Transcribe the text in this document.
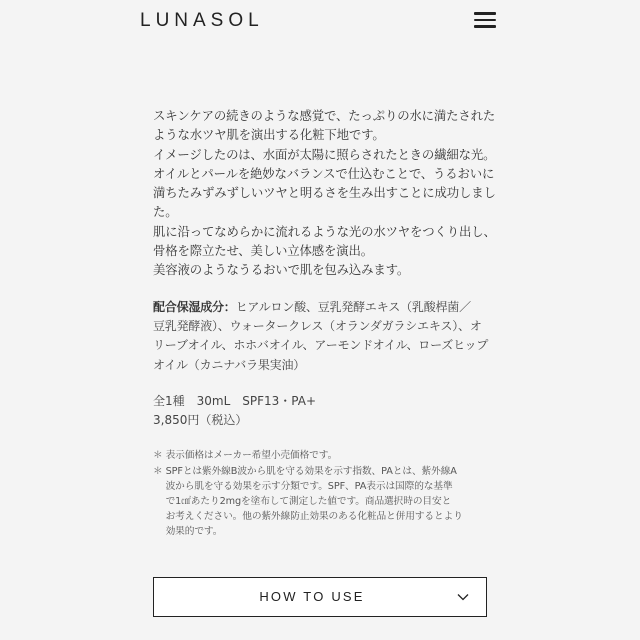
LUNASOL

スキンケアの続きのような感覚で、たっぷりの水に満たされた

ような水ツヤ肌を演出する化粧下地です。

イメージしたのは、水面が太陽に照らされたときの繊細な光。

オイルとパールを絶妙なバランスで仕込むことで、うるおいに

満ちたみずみずしいツヤと明るさを生み出すことに成功しまし

た。

肌に沿ってなめらかに流れるような光の水ツヤをつくり出し、

骨格を際立たせ、美しい立体感を演出。

美容液のようなうるおいで肌を包み込みます。

配合保湿成分：ヒアルロン酸、豆乳発酵エキス（乳酸桿菌／

豆乳発酵液）、ウォータークレス（オランダガラシエキス）、オ

リーブオイル、ホホバオイル、アーモンドオイル、ローズヒップ

オイル（カニナバラ果実油）

全1種　30mL　SPF13・PA+

3,850円（税込）

＊ 表示価格はメーカー希望小売価格です。

＊ SPFとは紫外線B波から肌を守る効果を示す指数、PAとは、紫外線A

　 波から肌を守る効果を示す分類です。SPF、PA表示は国際的な基準

　 で1㎠あたり2mgを塗布して測定した値です。商品選択時の目安と

　 お考えください。他の紫外線防止効果のある化粧品と併用するとより

　 効果的です。

HOW TO USE
